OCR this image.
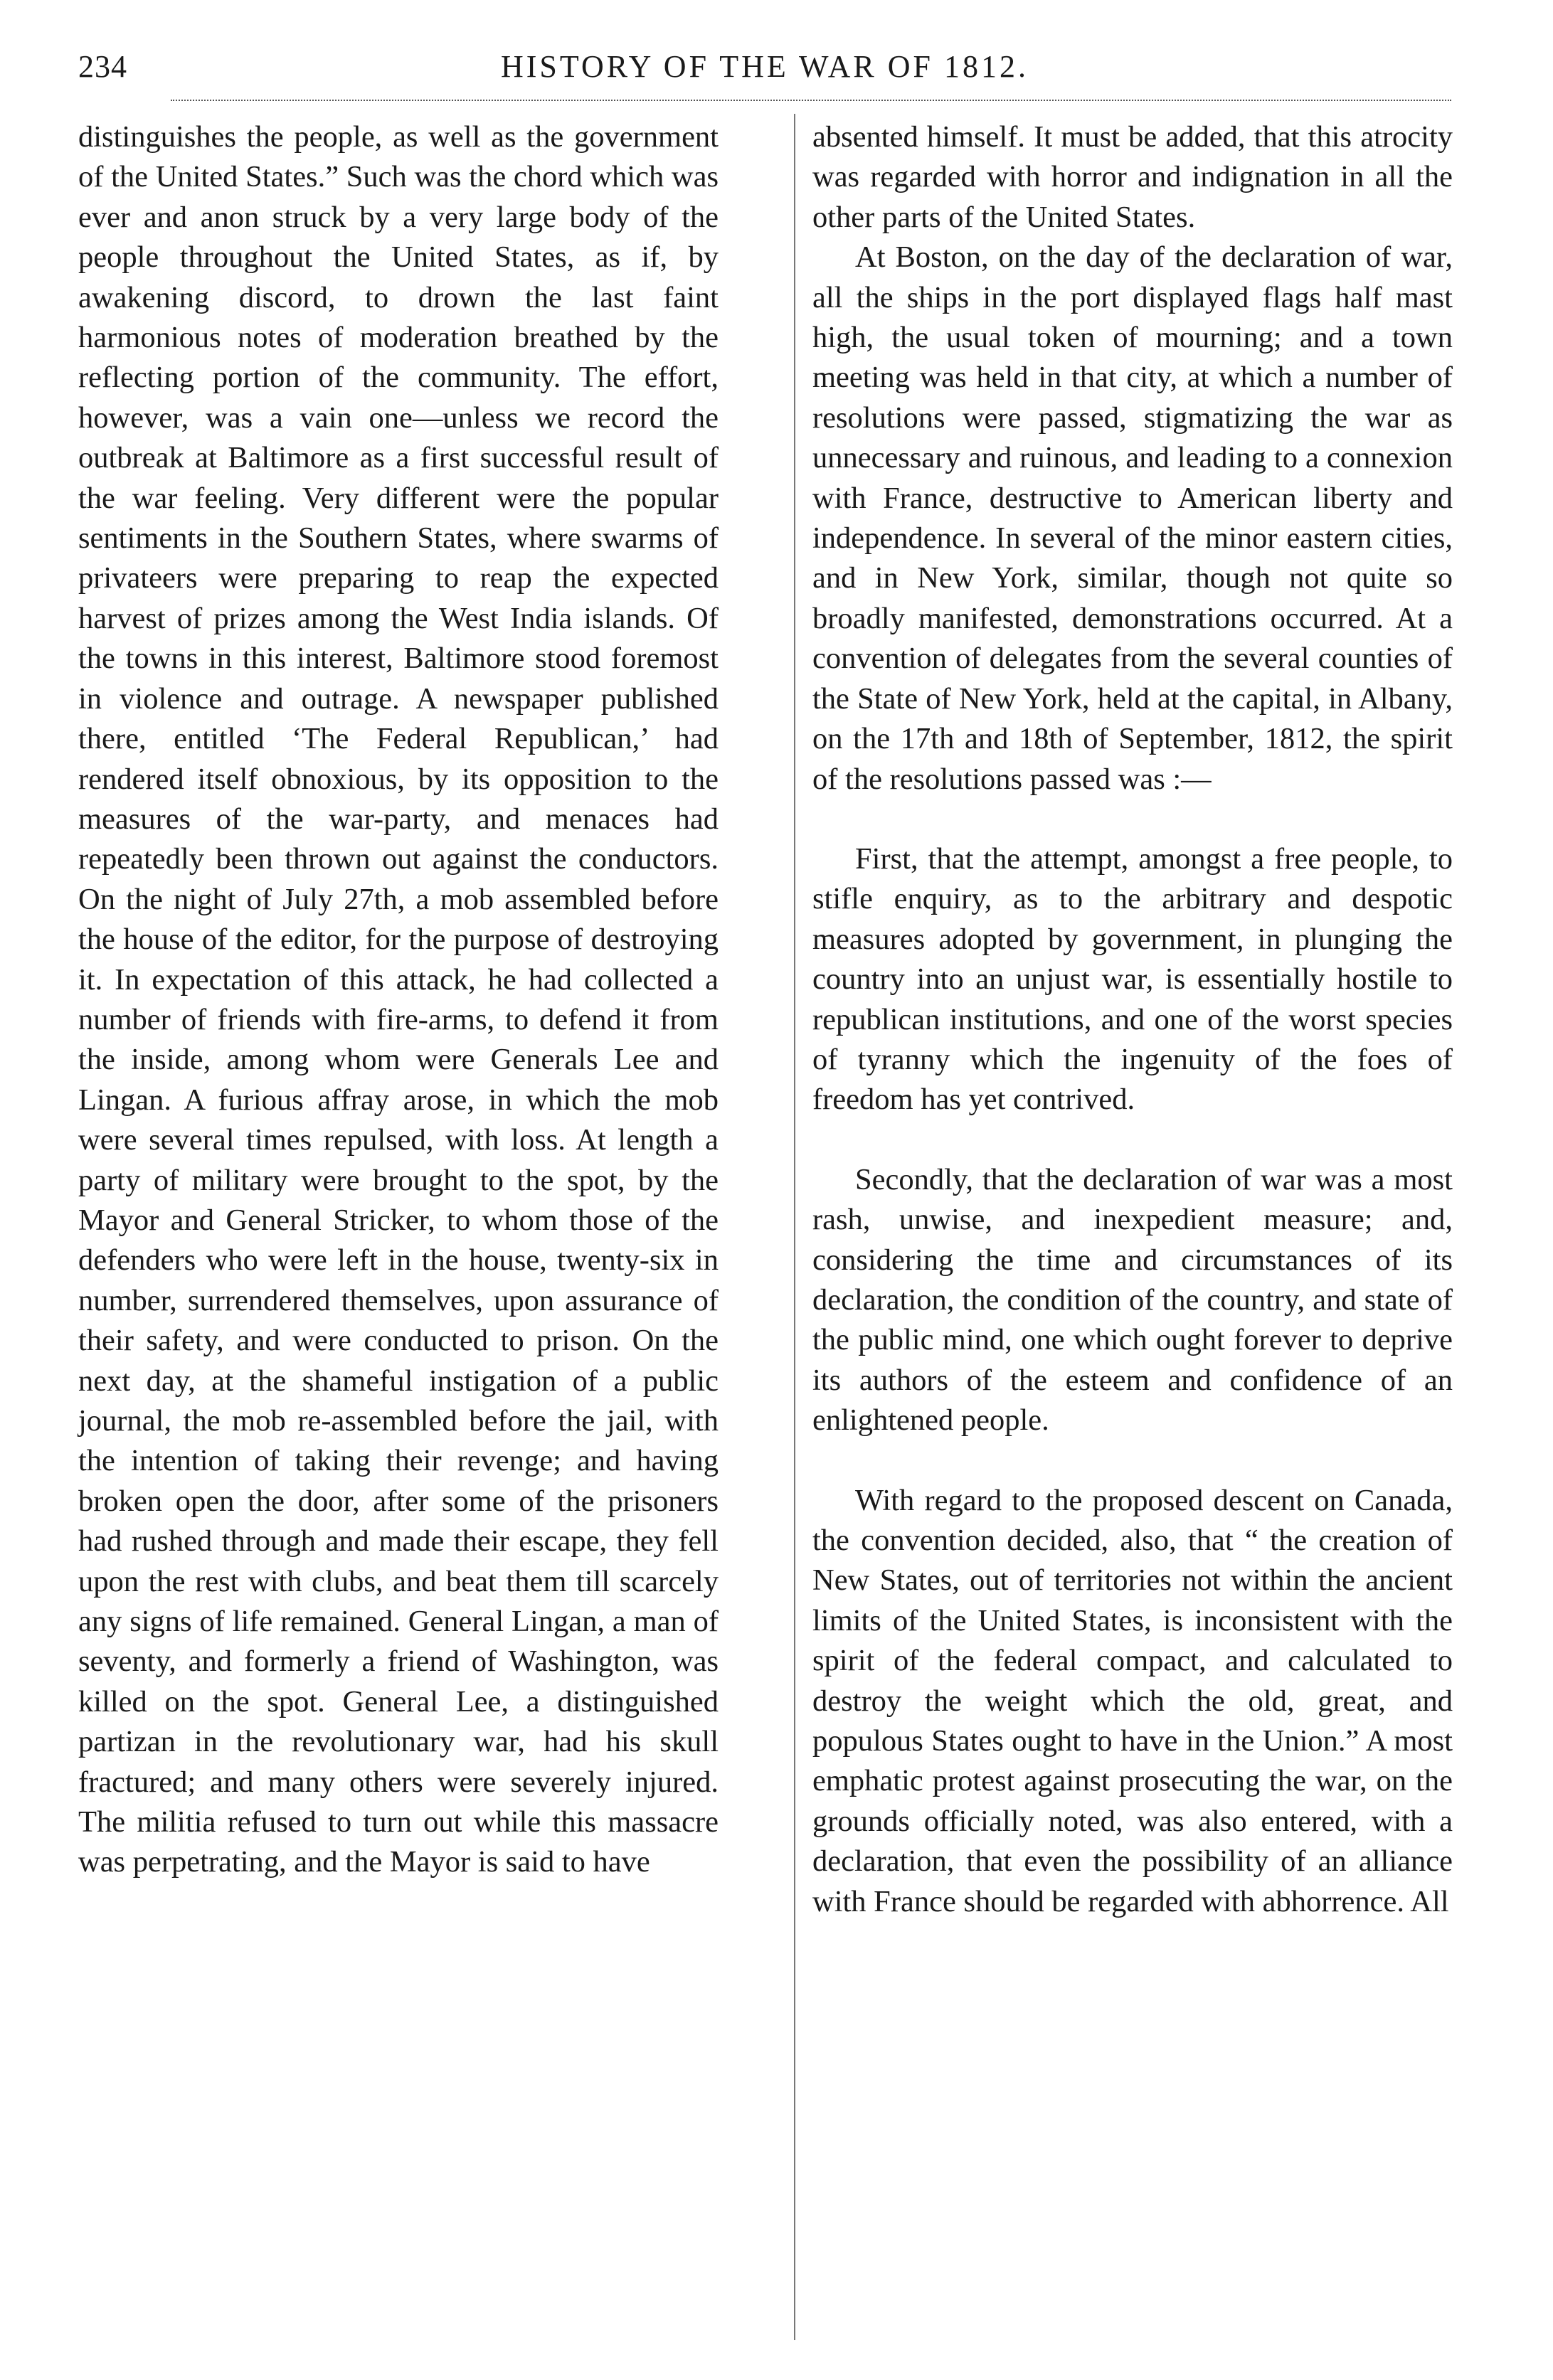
234	HISTORY OF THE WAR OF 1812.

distinguishes the people, as well as the government of the United States.” Such was the chord which was ever and anon struck by a very large body of the people throughout the United States, as if, by awakening discord, to drown the last faint harmonious notes of moderation breathed by the reflecting portion of the community. The effort, however, was a vain one—unless we record the outbreak at Baltimore as a first successful result of the war feeling. Very different were the popular sentiments in the Southern States, where swarms of privateers were preparing to reap the expected harvest of prizes among the West India islands. Of the towns in this interest, Baltimore stood foremost in violence and outrage. A newspaper published there, entitled ‘The Federal Republican,’ had rendered itself obnoxious, by its opposition to the measures of the war-party, and menaces had repeatedly been thrown out against the conductors. On the night of July 27th, a mob assembled before the house of the editor, for the purpose of destroying it. In expectation of this attack, he had collected a number of friends with fire-arms, to defend it from the inside, among whom were Generals Lee and Lingan. A furious affray arose, in which the mob were several times repulsed, with loss. At length a party of military were brought to the spot, by the Mayor and General Stricker, to whom those of the defenders who were left in the house, twenty-six in number, surrendered themselves, upon assurance of their safety, and were conducted to prison. On the next day, at the shameful instigation of a public journal, the mob re-assembled before the jail, with the intention of taking their revenge; and having broken open the door, after some of the prisoners had rushed through and made their escape, they fell upon the rest with clubs, and beat them till scarcely any signs of life remained. General Lingan, a man of seventy, and formerly a friend of Washington, was killed on the spot. General Lee, a distinguished partizan in the revolutionary war, had his skull fractured; and many others were severely injured. The militia refused to turn out while this massacre was perpetrating, and the Mayor is said to have

absented himself. It must be added, that this atrocity was regarded with horror and indignation in all the other parts of the United States.

At Boston, on the day of the declaration of war, all the ships in the port displayed flags half mast high, the usual token of mourning; and a town meeting was held in that city, at which a number of resolutions were passed, stigmatizing the war as unnecessary and ruinous, and leading to a connexion with France, destructive to American liberty and independence. In several of the minor eastern cities, and in New York, similar, though not quite so broadly manifested, demonstrations occurred. At a convention of delegates from the several counties of the State of New York, held at the capital, in Albany, on the 17th and 18th of September, 1812, the spirit of the resolutions passed was :—

First, that the attempt, amongst a free people, to stifle enquiry, as to the arbitrary and despotic measures adopted by government, in plunging the country into an unjust war, is essentially hostile to republican institutions, and one of the worst species of tyranny which the ingenuity of the foes of freedom has yet contrived.

Secondly, that the declaration of war was a most rash, unwise, and inexpedient measure; and, considering the time and circumstances of its declaration, the condition of the country, and state of the public mind, one which ought forever to deprive its authors of the esteem and confidence of an enlightened people.

With regard to the proposed descent on Canada, the convention decided, also, that “ the creation of New States, out of territories not within the ancient limits of the United States, is inconsistent with the spirit of the federal compact, and calculated to destroy the weight which the old, great, and populous States ought to have in the Union.” A most emphatic protest against prosecuting the war, on the grounds officially noted, was also entered, with a declaration, that even the possibility of an alliance with France should be regarded with abhorrence. All
